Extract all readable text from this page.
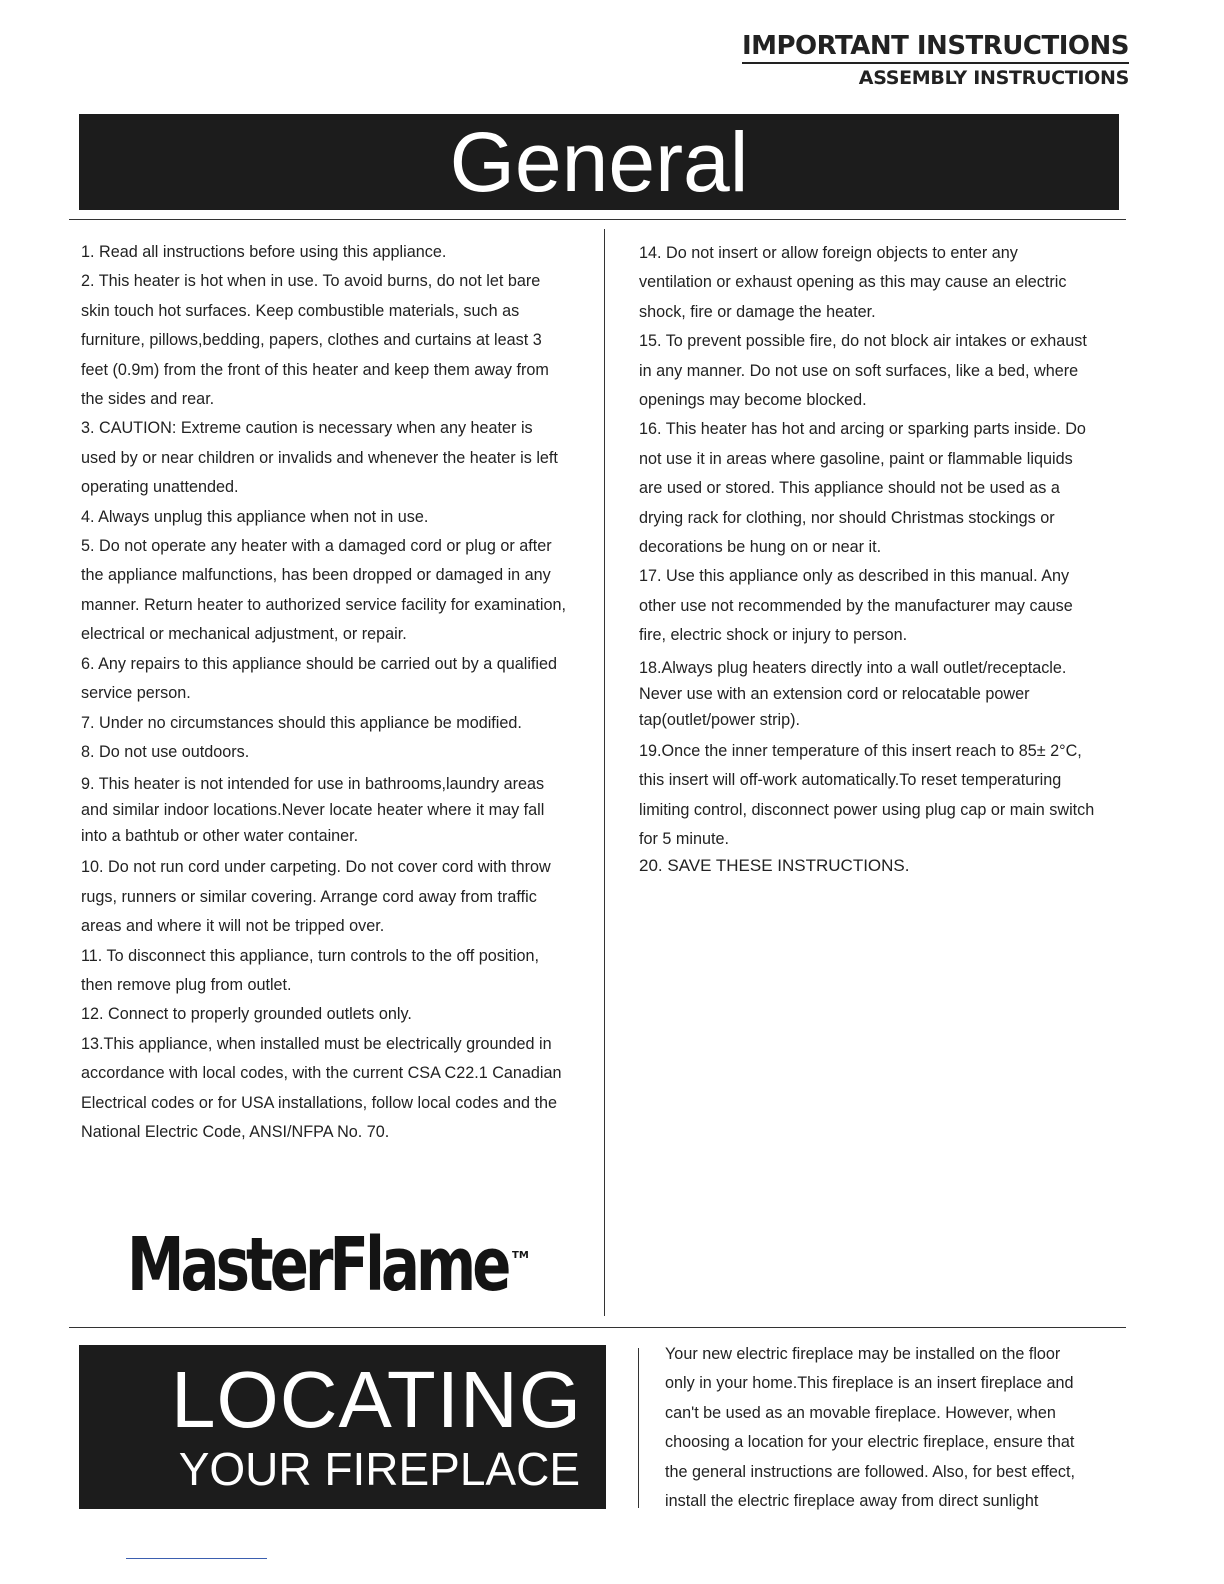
IMPORTANT INSTRUCTIONS
ASSEMBLY INSTRUCTIONS
General

1. Read all instructions before using this appliance.

2. This heater is hot when in use. To avoid burns, do not let bare

skin touch hot surfaces. Keep combustible materials, such as

furniture, pillows,bedding, papers, clothes and curtains at least 3

feet (0.9m) from the front of this heater and keep them away from

the sides and rear.

3. CAUTION: Extreme caution is necessary when any heater is

used by or near children or invalids and whenever the heater is left

operating unattended.

4. Always unplug this appliance when not in use.

5. Do not operate any heater with a damaged cord or plug or after

the appliance malfunctions, has been dropped or damaged in any

manner. Return heater to authorized service facility for examination,

electrical or mechanical adjustment, or repair.

6. Any repairs to this appliance should be carried out by a qualified

service person.

7. Under no circumstances should this appliance be modified.

8. Do not use outdoors.

9. This heater is not intended for use in bathrooms,laundry areas

and similar indoor locations.Never locate heater where it may fall

into a bathtub or other water container.

10. Do not run cord under carpeting. Do not cover cord with throw

rugs, runners or similar covering. Arrange cord away from traffic

areas and where it will not be tripped over.

11. To disconnect this appliance, turn controls to the off position,

then remove plug from outlet.

12. Connect to properly grounded outlets only.

13.This appliance, when installed must be electrically grounded in

accordance with local codes, with the current CSA C22.1 Canadian

Electrical codes or for USA installations, follow local codes and the

National Electric Code, ANSI/NFPA No. 70.

14. Do not insert or allow foreign objects to enter any

ventilation or exhaust opening as this may cause an electric

shock, fire or damage the heater.

15. To prevent possible fire, do not block air intakes or exhaust

in any manner. Do not use on soft surfaces, like a bed, where

openings may become blocked.

16. This heater has hot and arcing or sparking parts inside. Do

not use it in areas where gasoline, paint or flammable liquids

are used or stored. This appliance should not be used as a

drying rack for clothing, nor should Christmas stockings or

decorations be hung on or near it.

17. Use this appliance only as described in this manual. Any

other use not recommended by the manufacturer may cause

fire, electric shock or injury to person.

18.Always plug heaters directly into a wall outlet/receptacle.

Never use with an extension cord or relocatable power

tap(outlet/power strip).

19.Once the inner temperature of this insert reach to 85± 2°C,

this insert will off-work automatically.To reset temperaturing

limiting control, disconnect power using plug cap or main switch

for 5 minute.

20. SAVE THESE INSTRUCTIONS.

MasterFlame TM
LOCATING
YOUR FIREPLACE

Your new electric fireplace may be installed on the floor

only in your home.This fireplace is an insert fireplace and

can't be used as an movable fireplace. However, when

choosing a location for your electric fireplace, ensure that

the general instructions are followed. Also, for best effect,

install the electric fireplace away from direct sunlight
